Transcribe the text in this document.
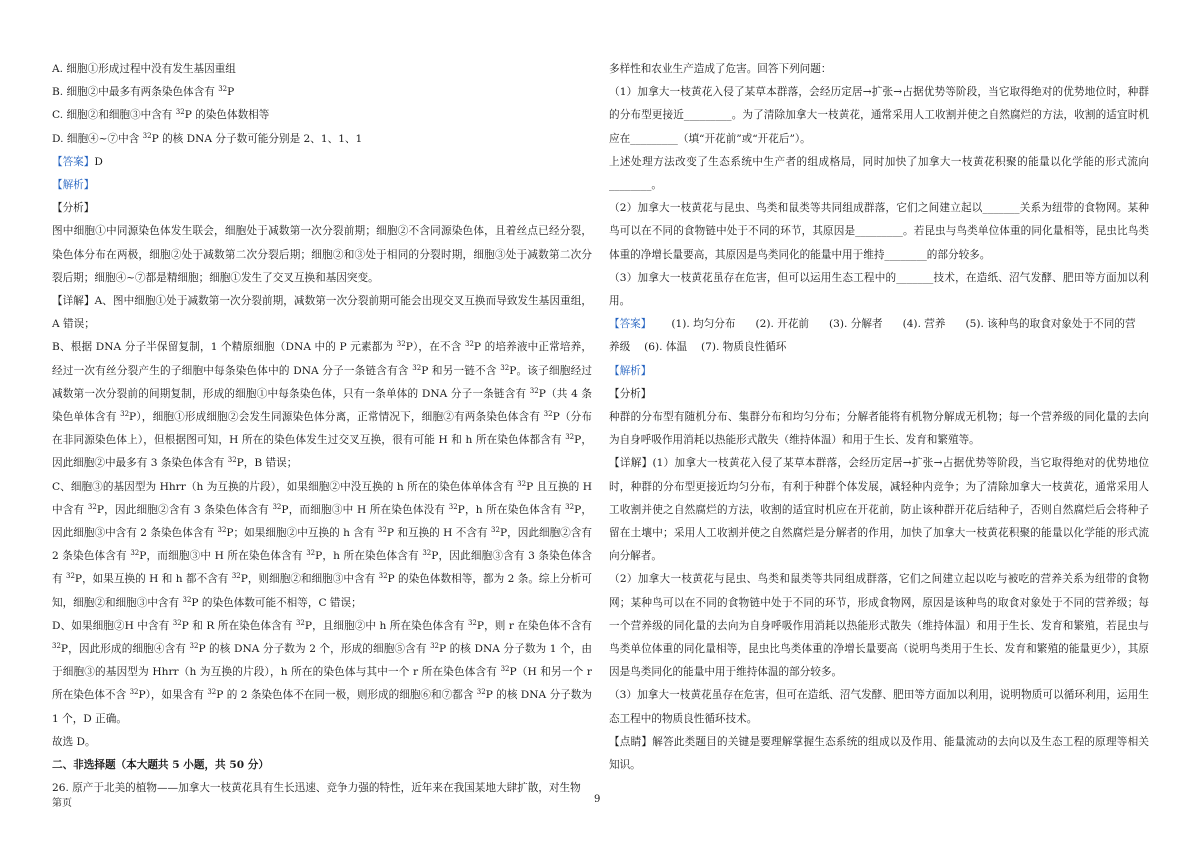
A. 细胞①形成过程中没有发生基因重组

B. 细胞②中最多有两条染色体含有 $^{32}$P

C. 细胞②和细胞③中含有 $^{32}$P 的染色体数相等

D. 细胞④~⑦中含 $^{32}$P 的核 DNA 分子数可能分别是 2、1、1、1

【答案】D

【解析】

【分析】

图中细胞①中同源染色体发生联会，细胞处于减数第一次分裂前期；细胞②不含同源染色体，且着丝点已经分裂，染色体分布在两极，细胞②处于减数第二次分裂后期；细胞②和③处于相同的分裂时期，细胞③处于减数第二次分裂后期；细胞④~⑦都是精细胞；细胞①发生了交叉互换和基因突变。

【详解】A、图中细胞①处于减数第一次分裂前期，减数第一次分裂前期可能会出现交叉互换而导致发生基因重组，A 错误；

B、根据 DNA 分子半保留复制，1 个精原细胞（DNA 中的 P 元素都为 $^{32}$P），在不含 $^{32}$P 的培养液中正常培养，经过一次有丝分裂产生的子细胞中每条染色体中的 DNA 分子一条链含有含 $^{32}$P 和另一链不含 $^{32}$P。该子细胞经过减数第一次分裂前的间期复制，形成的细胞①中每条染色体，只有一条单体的 DNA 分子一条链含有 $^{32}$P（共 4 条染色单体含有 $^{32}$P），细胞①形成细胞②会发生同源染色体分离，正常情况下，细胞②有两条染色体含有 $^{32}$P（分布在非同源染色体上），但根据图可知，H 所在的染色体发生过交叉互换，很有可能 H 和 h 所在染色体都含有 $^{32}$P，因此细胞②中最多有 3 条染色体含有 $^{32}$P，B 错误；

C、细胞③的基因型为 Hhrr（h 为互换的片段），如果细胞②中没互换的 h 所在的染色体单体含有 $^{32}$P 且互换的 H 中含有 $^{32}$P，因此细胞②含有 3 条染色体含有 $^{32}$P，而细胞③中 H 所在染色体没有 $^{32}$P，h 所在染色体含有 $^{32}$P，因此细胞③中含有 2 条染色体含有 $^{32}$P；如果细胞②中互换的 h 含有 $^{32}$P 和互换的 H 不含有 $^{32}$P，因此细胞②含有 2 条染色体含有 $^{32}$P，而细胞③中 H 所在染色体含有 $^{32}$P，h 所在染色体含有 $^{32}$P，因此细胞③含有 3 条染色体含有 $^{32}$P，如果互换的 H 和 h 都不含有 $^{32}$P，则细胞②和细胞③中含有 $^{32}$P 的染色体数相等，都为 2 条。综上分析可知，细胞②和细胞③中含有 $^{32}$P 的染色体数可能不相等，C 错误；

D、如果细胞②H 中含有 $^{32}$P 和 R 所在染色体含有 $^{32}$P，且细胞②中 h 所在染色体含有 $^{32}$P，则 r 在染色体不含有 $^{32}$P，因此形成的细胞④含有 $^{32}$P 的核 DNA 分子数为 2 个，形成的细胞⑤含有 $^{32}$P 的核 DNA 分子数为 1 个，由于细胞③的基因型为 Hhrr（h 为互换的片段），h 所在的染色体与其中一个 r 所在染色体含有 $^{32}$P（H 和另一个 r 所在染色体不含 $^{32}$P），如果含有 $^{32}$P 的 2 条染色体不在同一极，则形成的细胞⑥和⑦都含 $^{32}$P 的核 DNA 分子数为 1 个，D 正确。

故选 D。

二、非选择题（本大题共 5 小题，共 50 分）

26. 原产于北美的植物——加拿大一枝黄花具有生长迅速、竞争力强的特性，近年来在我国某地大肆扩散，对生物

多样性和农业生产造成了危害。回答下列问题：

（1）加拿大一枝黄花入侵了某草本群落，会经历定居→扩张→占据优势等阶段，当它取得绝对的优势地位时，种群的分布型更接近_________。为了清除加拿大一枝黄花，通常采用人工收割并使之自然腐烂的方法，收割的适宜时机应在_________（填“开花前”或“开花后”）。

上述处理方法改变了生态系统中生产者的组成格局，同时加快了加拿大一枝黄花积聚的能量以化学能的形式流向________。

（2）加拿大一枝黄花与昆虫、鸟类和鼠类等共同组成群落，它们之间建立起以_______关系为纽带的食物网。某种鸟可以在不同的食物链中处于不同的环节，其原因是_________。若昆虫与鸟类单位体重的同化量相等，昆虫比鸟类体重的净增长量要高，其原因是鸟类同化的能量中用于维持________的部分较多。

（3）加拿大一枝黄花虽存在危害，但可以运用生态工程中的_______技术，在造纸、沼气发酵、肥田等方面加以利用。

【答案】 (1). 均匀分布 (2). 开花前 (3). 分解者 (4). 营养 (5). 该种鸟的取食对象处于不同的营

养级　 (6). 体温　 (7). 物质良性循环

【解析】

【分析】

种群的分布型有随机分布、集群分布和均匀分布；分解者能将有机物分解成无机物；每一个营养级的同化量的去向为自身呼吸作用消耗以热能形式散失（维持体温）和用于生长、发育和繁殖等。

【详解】(1）加拿大一枝黄花入侵了某草本群落，会经历定居→扩张→占据优势等阶段，当它取得绝对的优势地位时，种群的分布型更接近均匀分布，有利于种群个体发展，减轻种内竞争；为了清除加拿大一枝黄花，通常采用人工收割并使之自然腐烂的方法，收割的适宜时机应在开花前，防止该种群开花后结种子，否则自然腐烂后会将种子留在土壤中；采用人工收割并使之自然腐烂是分解者的作用，加快了加拿大一枝黄花积聚的能量以化学能的形式流向分解者。

（2）加拿大一枝黄花与昆虫、鸟类和鼠类等共同组成群落，它们之间建立起以吃与被吃的营养关系为纽带的食物网；某种鸟可以在不同的食物链中处于不同的环节，形成食物网，原因是该种鸟的取食对象处于不同的营养级；每一个营养级的同化量的去向为自身呼吸作用消耗以热能形式散失（维持体温）和用于生长、发育和繁殖，若昆虫与鸟类单位体重的同化量相等，昆虫比鸟类体重的净增长量要高（说明鸟类用于生长、发育和繁殖的能量更少），其原因是鸟类同化的能量中用于维持体温的部分较多。

（3）加拿大一枝黄花虽存在危害，但可在造纸、沼气发酵、肥田等方面加以利用，说明物质可以循环利用，运用生态工程中的物质良性循环技术。

【点睛】解答此类题目的关键是要理解掌握生态系统的组成以及作用、能量流动的去向以及生态工程的原理等相关知识。

第页	9
